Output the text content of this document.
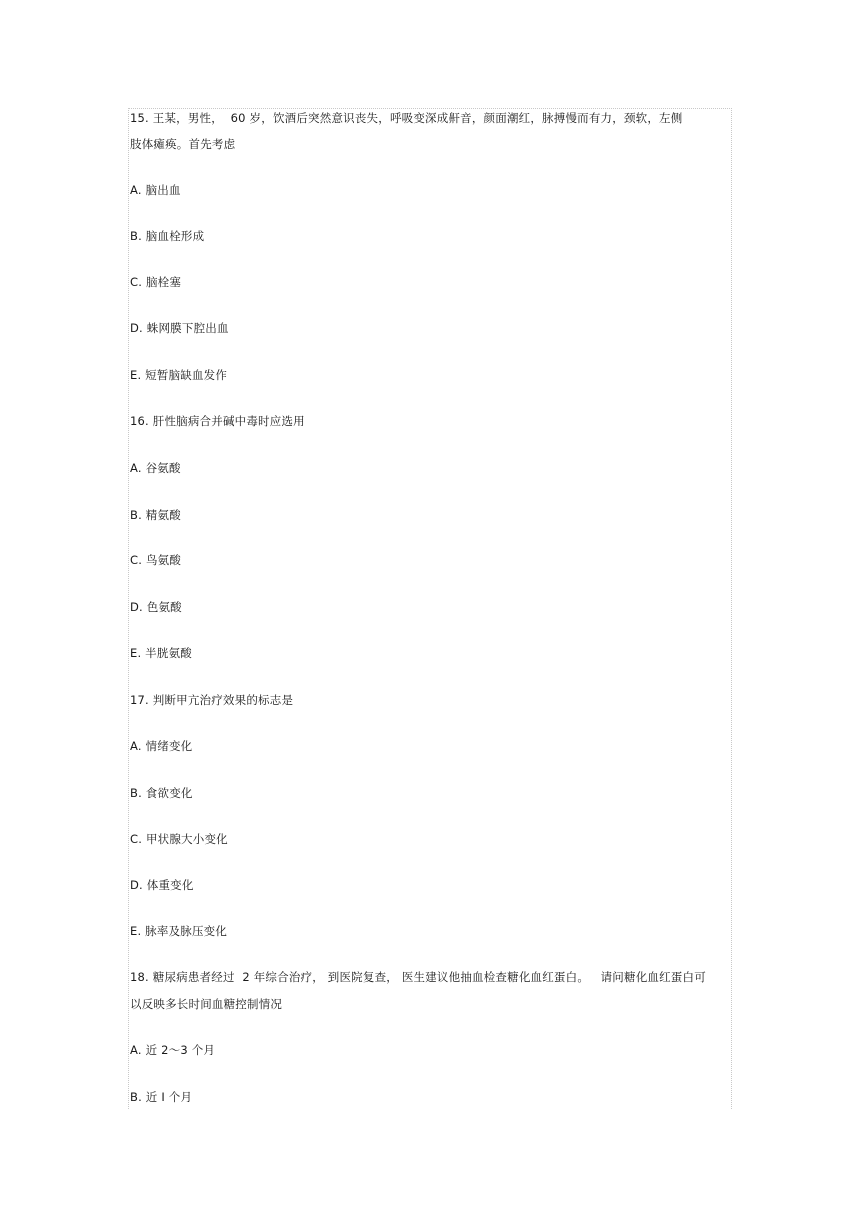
15. 王某，男性，  60 岁，饮酒后突然意识丧失，呼吸变深成鼾音，颜面潮红，脉搏慢而有力，颈软，左侧
肢体瘫痪。首先考虑
A. 脑出血
B. 脑血栓形成
C. 脑栓塞
D. 蛛网膜下腔出血
E. 短暂脑缺血发作
16. 肝性脑病合并碱中毒时应选用
A. 谷氨酸
B. 精氨酸
C. 鸟氨酸
D. 色氨酸
E. 半胱氨酸
17. 判断甲亢治疗效果的标志是
A. 情绪变化
B. 食欲变化
C. 甲状腺大小变化
D. 体重变化
E. 脉率及脉压变化
18. 糖尿病患者经过  2 年综合治疗， 到医院复查， 医生建议他抽血检查糖化血红蛋白。   请问糖化血红蛋白可
以反映多长时间血糖控制情况
A. 近 2～3 个月
B. 近 I 个月
